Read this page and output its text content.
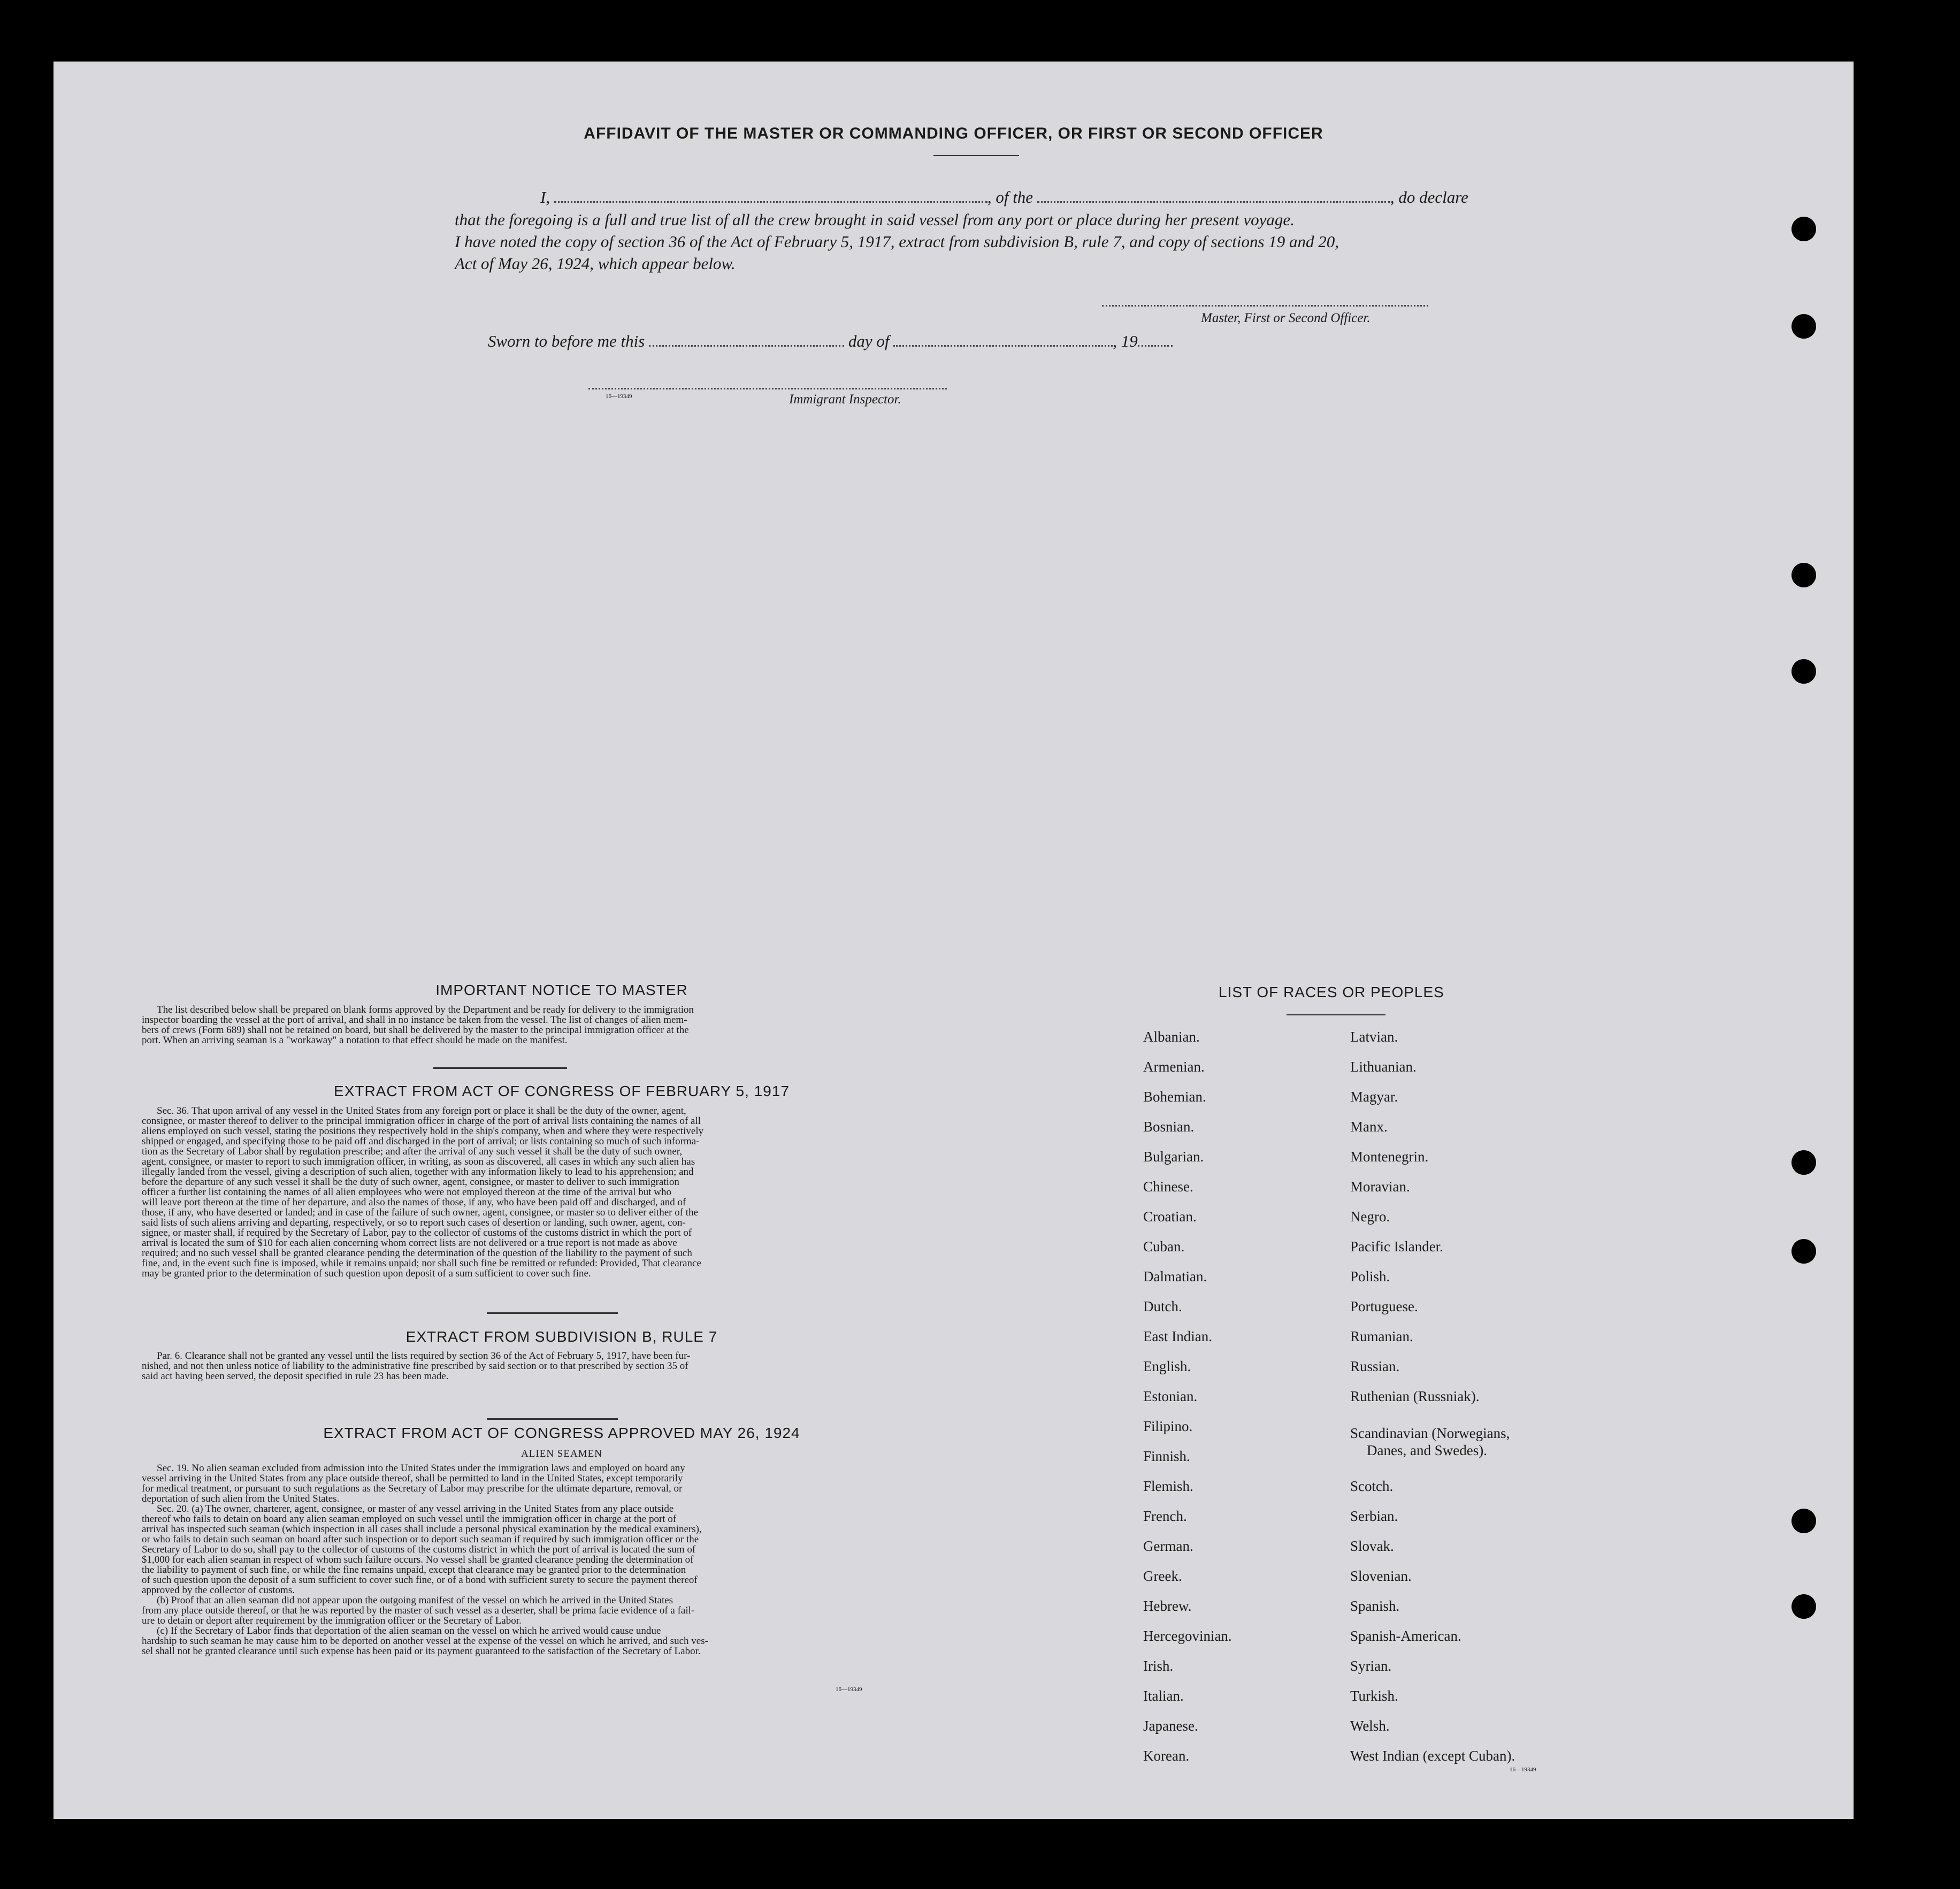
AFFIDAVIT OF THE MASTER OR COMMANDING OFFICER, OR FIRST OR SECOND OFFICER
I,	, of the	, do declare
that the foregoing is a full and true list of all the crew brought in said vessel from any port or place during her present voyage.
I have noted the copy of section 36 of the Act of February 5, 1917, extract from subdivision B, rule 7, and copy of sections 19 and 20,
Act of May 26, 1924, which appear below.
Master, First or Second Officer.
Sworn to before me this	day of	, 19
16—19349	Immigrant Inspector.
IMPORTANT NOTICE TO MASTER
The list described below shall be prepared on blank forms approved by the Department and be ready for delivery to the immigration
inspector boarding the vessel at the port of arrival, and shall in no instance be taken from the vessel. The list of changes of alien mem-
bers of crews (Form 689) shall not be retained on board, but shall be delivered by the master to the principal immigration officer at the
port. When an arriving seaman is a "workaway" a notation to that effect should be made on the manifest.
EXTRACT FROM ACT OF CONGRESS OF FEBRUARY 5, 1917
Sec. 36. That upon arrival of any vessel in the United States from any foreign port or place it shall be the duty of the owner, agent,
consignee, or master thereof to deliver to the principal immigration officer in charge of the port of arrival lists containing the names of all
aliens employed on such vessel, stating the positions they respectively hold in the ship's company, when and where they were respectively
shipped or engaged, and specifying those to be paid off and discharged in the port of arrival; or lists containing so much of such informa-
tion as the Secretary of Labor shall by regulation prescribe; and after the arrival of any such vessel it shall be the duty of such owner,
agent, consignee, or master to report to such immigration officer, in writing, as soon as discovered, all cases in which any such alien has
illegally landed from the vessel, giving a description of such alien, together with any information likely to lead to his apprehension; and
before the departure of any such vessel it shall be the duty of such owner, agent, consignee, or master to deliver to such immigration
officer a further list containing the names of all alien employees who were not employed thereon at the time of the arrival but who
will leave port thereon at the time of her departure, and also the names of those, if any, who have been paid off and discharged, and of
those, if any, who have deserted or landed; and in case of the failure of such owner, agent, consignee, or master so to deliver either of the
said lists of such aliens arriving and departing, respectively, or so to report such cases of desertion or landing, such owner, agent, con-
signee, or master shall, if required by the Secretary of Labor, pay to the collector of customs of the customs district in which the port of
arrival is located the sum of $10 for each alien concerning whom correct lists are not delivered or a true report is not made as above
required; and no such vessel shall be granted clearance pending the determination of the question of the liability to the payment of such
fine, and, in the event such fine is imposed, while it remains unpaid; nor shall such fine be remitted or refunded: Provided, That clearance
may be granted prior to the determination of such question upon deposit of a sum sufficient to cover such fine.
EXTRACT FROM SUBDIVISION B, RULE 7
Par. 6. Clearance shall not be granted any vessel until the lists required by section 36 of the Act of February 5, 1917, have been fur-
nished, and not then unless notice of liability to the administrative fine prescribed by said section or to that prescribed by section 35 of
said act having been served, the deposit specified in rule 23 has been made.
EXTRACT FROM ACT OF CONGRESS APPROVED MAY 26, 1924
ALIEN SEAMEN
Sec. 19. No alien seaman excluded from admission into the United States under the immigration laws and employed on board any
vessel arriving in the United States from any place outside thereof, shall be permitted to land in the United States, except temporarily
for medical treatment, or pursuant to such regulations as the Secretary of Labor may prescribe for the ultimate departure, removal, or
deportation of such alien from the United States.
Sec. 20. (a) The owner, charterer, agent, consignee, or master of any vessel arriving in the United States from any place outside
thereof who fails to detain on board any alien seaman employed on such vessel until the immigration officer in charge at the port of
arrival has inspected such seaman (which inspection in all cases shall include a personal physical examination by the medical examiners),
or who fails to detain such seaman on board after such inspection or to deport such seaman if required by such immigration officer or the
Secretary of Labor to do so, shall pay to the collector of customs of the customs district in which the port of arrival is located the sum of
$1,000 for each alien seaman in respect of whom such failure occurs. No vessel shall be granted clearance pending the determination of
the liability to payment of such fine, or while the fine remains unpaid, except that clearance may be granted prior to the determination
of such question upon the deposit of a sum sufficient to cover such fine, or of a bond with sufficient surety to secure the payment thereof
approved by the collector of customs.
(b) Proof that an alien seaman did not appear upon the outgoing manifest of the vessel on which he arrived in the United States
from any place outside thereof, or that he was reported by the master of such vessel as a deserter, shall be prima facie evidence of a fail-
ure to detain or deport after requirement by the immigration officer or the Secretary of Labor.
(c) If the Secretary of Labor finds that deportation of the alien seaman on the vessel on which he arrived would cause undue
hardship to such seaman he may cause him to be deported on another vessel at the expense of the vessel on which he arrived, and such ves-
sel shall not be granted clearance until such expense has been paid or its payment guaranteed to the satisfaction of the Secretary of Labor.
16—19349
LIST OF RACES OR PEOPLES
Albanian.
Armenian.
Bohemian.
Bosnian.
Bulgarian.
Chinese.
Croatian.
Cuban.
Dalmatian.
Dutch.
East Indian.
English.
Estonian.
Filipino.
Finnish.
Flemish.
French.
German.
Greek.
Hebrew.
Hercegovinian.
Irish.
Italian.
Japanese.
Korean.
Latvian.
Lithuanian.
Magyar.
Manx.
Montenegrin.
Moravian.
Negro.
Pacific Islander.
Polish.
Portuguese.
Rumanian.
Russian.
Ruthenian (Russniak).
Scandinavian (Norwegians,
Danes, and Swedes).
Scotch.
Serbian.
Slovak.
Slovenian.
Spanish.
Spanish-American.
Syrian.
Turkish.
Welsh.
West Indian (except Cuban).
16—19349
